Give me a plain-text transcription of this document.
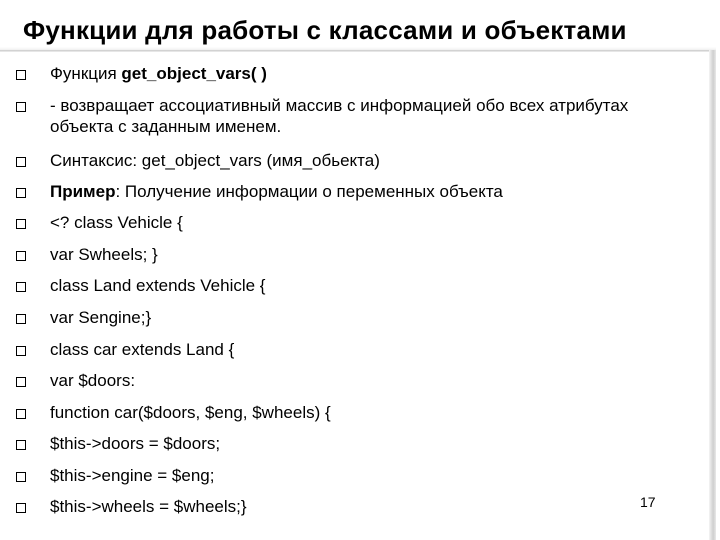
Функции для работы с классами и объектами
Функция get_object_vars( )
- возвращает ассоциативный массив с информацией обо всех атрибутах объекта с заданным именем.
Синтаксис: get_object_vars (имя_обьекта)
Пример: Получение информации о переменных объекта
<? class Vehicle {
var Swheels; }
class Land extends Vehicle {
var Sengine;}
class car extends Land {
var $doors:
function car($doors, $eng, $wheels) {
$this->doors = $doors;
$this->engine = $eng;
$this->wheels = $wheels;}	17
